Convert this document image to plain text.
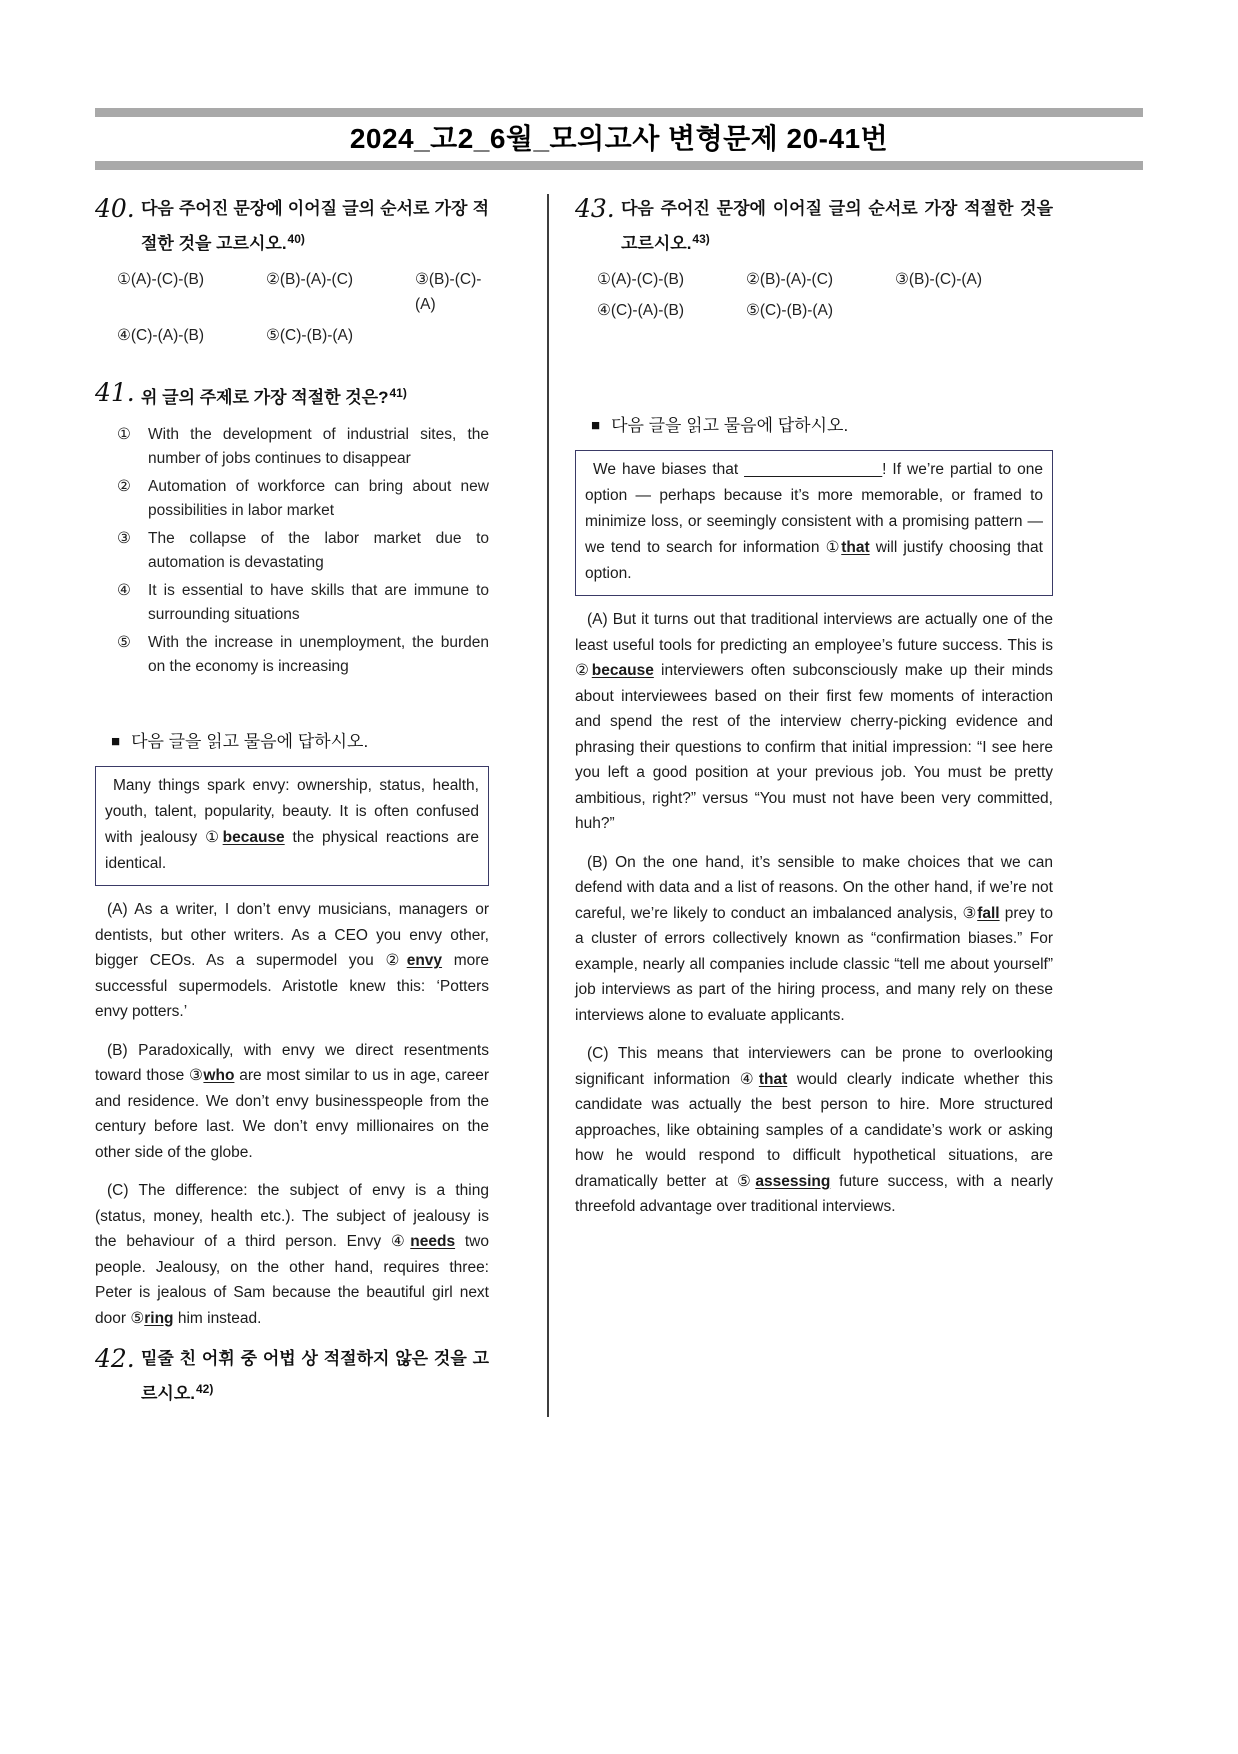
2024_고2_6월_모의고사 변형문제 20-41번
40. 다음 주어진 문장에 이어질 글의 순서로 가장 적절한 것을 고르시오.$^{40)}$

①(A)-(C)-(B)	②(B)-(A)-(C)	③(B)-(C)-(A)
④(C)-(A)-(B)	⑤(C)-(B)-(A)
41. 위 글의 주제로 가장 적절한 것은?$^{41)}$

① With the development of industrial sites, the number of jobs continues to disappear
② Automation of workforce can bring about new possibilities in labor market
③ The collapse of the labor market due to automation is devastating
④ It is essential to have skills that are immune to surrounding situations
⑤ With the increase in unemployment, the burden on the economy is increasing
■ 다음 글을 읽고 물음에 답하시오.

Many things spark envy: ownership, status, health, youth, talent, popularity, beauty. It is often confused with jealousy ①because the physical reactions are identical.

(A) As a writer, I don’t envy musicians, managers or dentists, but other writers. As a CEO you envy other, bigger CEOs. As a supermodel you ②envy more successful supermodels. Aristotle knew this: ‘Potters envy potters.’

(B) Paradoxically, with envy we direct resentments toward those ③who are most similar to us in age, career and residence. We don’t envy businesspeople from the century before last. We don’t envy millionaires on the other side of the globe.

(C) The difference: the subject of envy is a thing (status, money, health etc.). The subject of jealousy is the behaviour of a third person. Envy ④needs two people. Jealousy, on the other hand, requires three: Peter is jealous of Sam because the beautiful girl next door ⑤ring him instead.

42. 밑줄 친 어휘 중 어법 상 적절하지 않은 것을 고르시오.$^{42)}$

43. 다음 주어진 문장에 이어질 글의 순서로 가장 적절한 것을 고르시오.$^{43)}$

①(A)-(C)-(B)	②(B)-(A)-(C)	③(B)-(C)-(A)
④(C)-(A)-(B)	⑤(C)-(B)-(A)
■ 다음 글을 읽고 물음에 답하시오.

We have biases that ________________! If we’re partial to one option — perhaps because it’s more memorable, or framed to minimize loss, or seemingly consistent with a promising pattern — we tend to search for information ①that will justify choosing that option.

(A) But it turns out that traditional interviews are actually one of the least useful tools for predicting an employee’s future success. This is ②because interviewers often subconsciously make up their minds about interviewees based on their first few moments of interaction and spend the rest of the interview cherry-picking evidence and phrasing their questions to confirm that initial impression: “I see here you left a good position at your previous job. You must be pretty ambitious, right?” versus “You must not have been very committed, huh?”

(B) On the one hand, it’s sensible to make choices that we can defend with data and a list of reasons. On the other hand, if we’re not careful, we’re likely to conduct an imbalanced analysis, ③fall prey to a cluster of errors collectively known as “confirmation biases.” For example, nearly all companies include classic “tell me about yourself” job interviews as part of the hiring process, and many rely on these interviews alone to evaluate applicants.

(C) This means that interviewers can be prone to overlooking significant information ④that would clearly indicate whether this candidate was actually the best person to hire. More structured approaches, like obtaining samples of a candidate’s work or asking how he would respond to difficult hypothetical situations, are dramatically better at ⑤assessing future success, with a nearly threefold advantage over traditional interviews.
